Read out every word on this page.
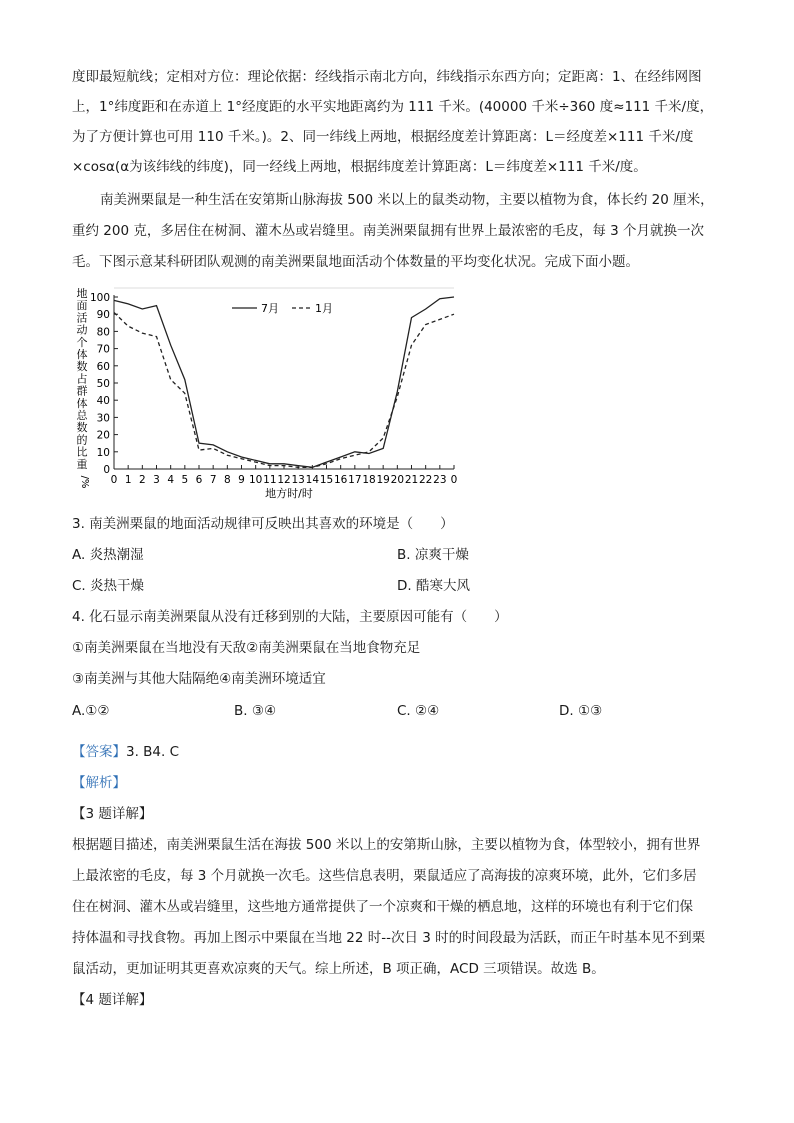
度即最短航线；定相对方位：理论依据：经线指示南北方向，纬线指示东西方向；定距离：1、在经纬网图
上，1°纬度距和在赤道上 1°经度距的水平实地距离约为 111 千米。(40000 千米÷360 度≈111 千米/度，
为了方便计算也可用 110 千米。)。2、同一纬线上两地，根据经度差计算距离：L＝经度差×111 千米/度
×cosα(α为该纬线的纬度)，同一经线上两地，根据纬度差计算距离：L＝纬度差×111 千米/度。
南美洲栗鼠是一种生活在安第斯山脉海拔 500 米以上的鼠类动物，主要以植物为食，体长约 20 厘米，
重约 200 克，多居住在树洞、灌木丛或岩缝里。南美洲栗鼠拥有世界上最浓密的毛皮，每 3 个月就换一次
毛。下图示意某科研团队观测的南美洲栗鼠地面活动个体数量的平均变化状况。完成下面小题。
地
面
活
动
个
体
数
占
群
体
总
数
的
比
重
/%
0
10
20
30
40
50
60
70
80
90
100
0 1 2 3 4 5 6 7 8 9 10 11 12 13 14 15 16 17 18 19 20 21 22 23 0
7月	1月
地方时/时
3. 南美洲栗鼠的地面活动规律可反映出其喜欢的环境是（　　）
A. 炎热潮湿	B. 凉爽干燥
C. 炎热干燥	D. 酷寒大风
4. 化石显示南美洲栗鼠从没有迁移到别的大陆，主要原因可能有（　　）
①南美洲栗鼠在当地没有天敌②南美洲栗鼠在当地食物充足
③南美洲与其他大陆隔绝④南美洲环境适宜
A.①②	B. ③④	C. ②④	D. ①③
【答案】3. B4. C
【解析】
【3 题详解】
根据题目描述，南美洲栗鼠生活在海拔 500 米以上的安第斯山脉，主要以植物为食，体型较小，拥有世界
上最浓密的毛皮，每 3 个月就换一次毛。这些信息表明，栗鼠适应了高海拔的凉爽环境，此外，它们多居
住在树洞、灌木丛或岩缝里，这些地方通常提供了一个凉爽和干燥的栖息地，这样的环境也有利于它们保
持体温和寻找食物。再加上图示中栗鼠在当地 22 时--次日 3 时的时间段最为活跃，而正午时基本见不到栗
鼠活动，更加证明其更喜欢凉爽的天气。综上所述，B 项正确，ACD 三项错误。故选 B。
【4 题详解】
